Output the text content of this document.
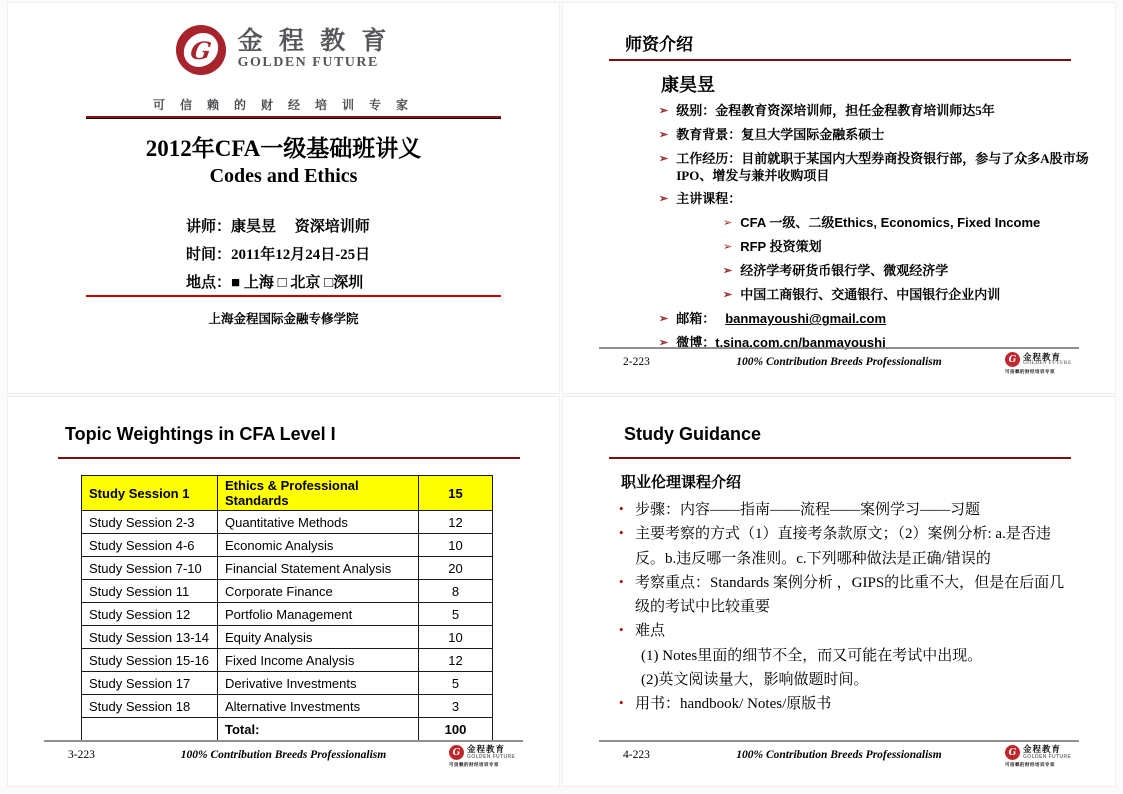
G 金 程 教 育
GOLDEN FUTURE
可 信 赖 的 财 经 培 训 专 家
2012年CFA一级基础班讲义
Codes and Ethics
讲师：康昊昱　 资深培训师
时间：2011年12月24日-25日
地点：■ 上海 □ 北京 □深圳
上海金程国际金融专修学院
师资介绍
康昊昱
➢ 级别：金程教育资深培训师，担任金程教育培训师达5年
➢ 教育背景：复旦大学国际金融系硕士
➢ 工作经历：目前就职于某国内大型券商投资银行部，参与了众多A股市场IPO、增发与兼并收购项目
➢ 主讲课程：
➢ CFA 一级、二级Ethics, Economics, Fixed Income
➢ RFP 投资策划
➢ 经济学考研货币银行学、微观经济学
➢ 中国工商银行、交通银行、中国银行企业内训
➢ 邮箱： banmayoushi@gmail.com
➢ 微博： t.sina.com.cn/banmayoushi
2-223	100% Contribution Breeds Professionalism	G 金程教育
GOLDEN FUTURE
可信赖的财经培训专家
Topic Weightings in CFA Level I
Study Session 1	Ethics & Professional Standards	15
Study Session 2-3	Quantitative Methods	12
Study Session 4-6	Economic Analysis	10
Study Session 7-10	Financial Statement Analysis	20
Study Session 11	Corporate Finance	8
Study Session 12	Portfolio Management	5
Study Session 13-14	Equity Analysis	10
Study Session 15-16	Fixed Income Analysis	12
Study Session 17	Derivative Investments	5
Study Session 18	Alternative Investments	3
	Total:	100
3-223	100% Contribution Breeds Professionalism	G 金程教育
GOLDEN FUTURE
可信赖的财经培训专家
Study Guidance
职业伦理课程介绍
• 步骤：内容——指南——流程——案例学习——习题
• 主要考察的方式（1）直接考条款原文；（2）案例分析: a.是否违反。b.违反哪一条准则。c.下列哪种做法是正确/错误的
• 考察重点：Standards 案例分析 ，GIPS的比重不大，但是在后面几级的考试中比较重要
• 难点
(1) Notes里面的细节不全，而又可能在考试中出现。
(2)英文阅读量大，影响做题时间。
• 用书：handbook/ Notes/原版书
4-223	100% Contribution Breeds Professionalism	G 金程教育
GOLDEN FUTURE
可信赖的财经培训专家
